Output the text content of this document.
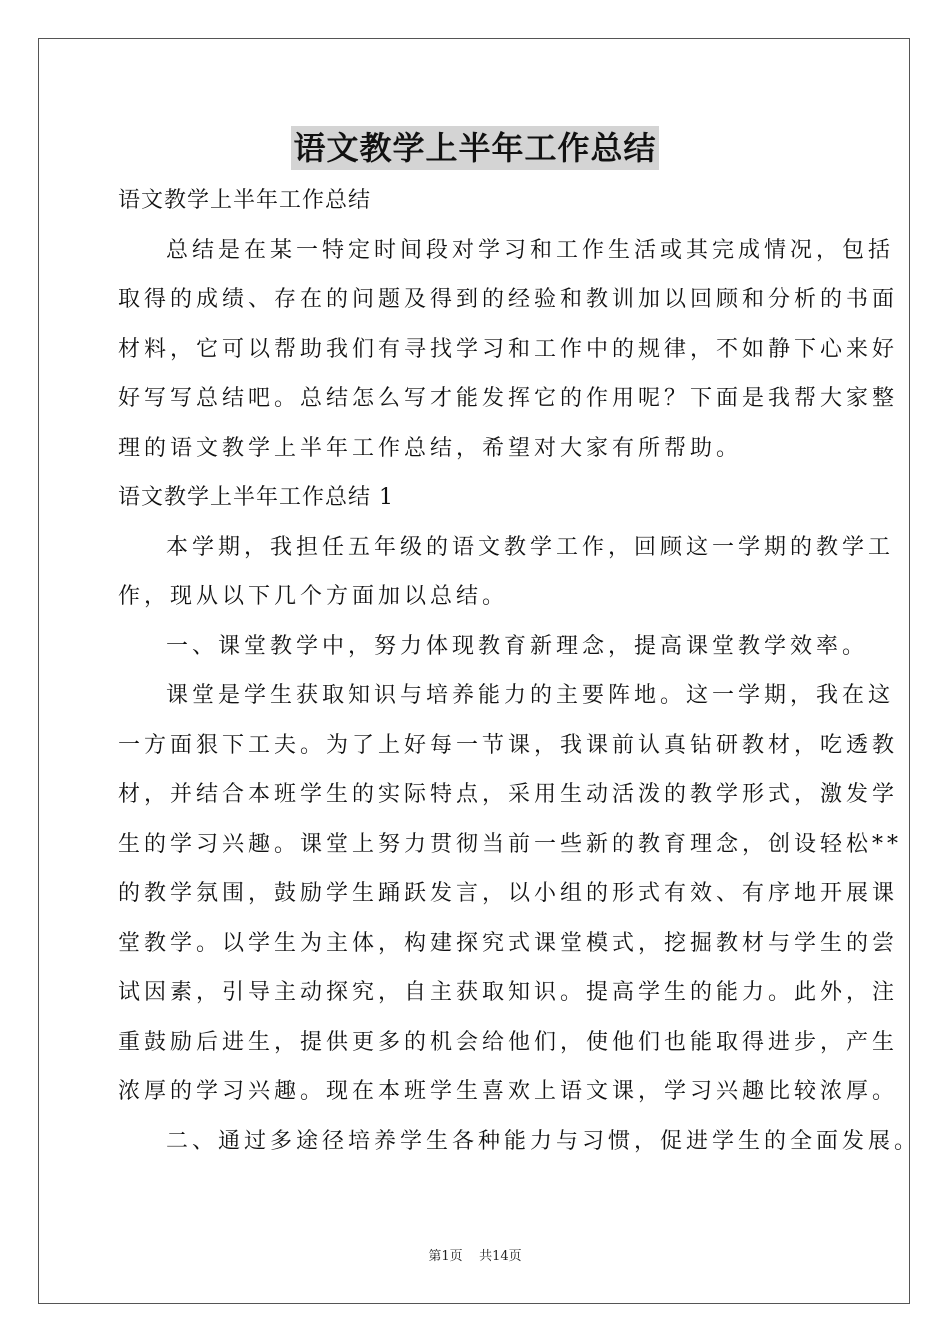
语文教学上半年工作总结

语文教学上半年工作总结

总结是在某一特定时间段对学习和工作生活或其完成情况，包括

取得的成绩、存在的问题及得到的经验和教训加以回顾和分析的书面

材料，它可以帮助我们有寻找学习和工作中的规律，不如静下心来好

好写写总结吧。总结怎么写才能发挥它的作用呢？下面是我帮大家整

理的语文教学上半年工作总结，希望对大家有所帮助。

语文教学上半年工作总结 1

本学期，我担任五年级的语文教学工作，回顾这一学期的教学工

作，现从以下几个方面加以总结。

一、课堂教学中，努力体现教育新理念，提高课堂教学效率。

课堂是学生获取知识与培养能力的主要阵地。这一学期，我在这

一方面狠下工夫。为了上好每一节课，我课前认真钻研教材，吃透教

材，并结合本班学生的实际特点，采用生动活泼的教学形式，激发学

生的学习兴趣。课堂上努力贯彻当前一些新的教育理念，创设轻松**

的教学氛围，鼓励学生踊跃发言，以小组的形式有效、有序地开展课

堂教学。以学生为主体，构建探究式课堂模式，挖掘教材与学生的尝

试因素，引导主动探究，自主获取知识。提高学生的能力。此外，注

重鼓励后进生，提供更多的机会给他们，使他们也能取得进步，产生

浓厚的学习兴趣。现在本班学生喜欢上语文课，学习兴趣比较浓厚。

二、通过多途径培养学生各种能力与习惯，促进学生的全面发展。

第1页    共14页
